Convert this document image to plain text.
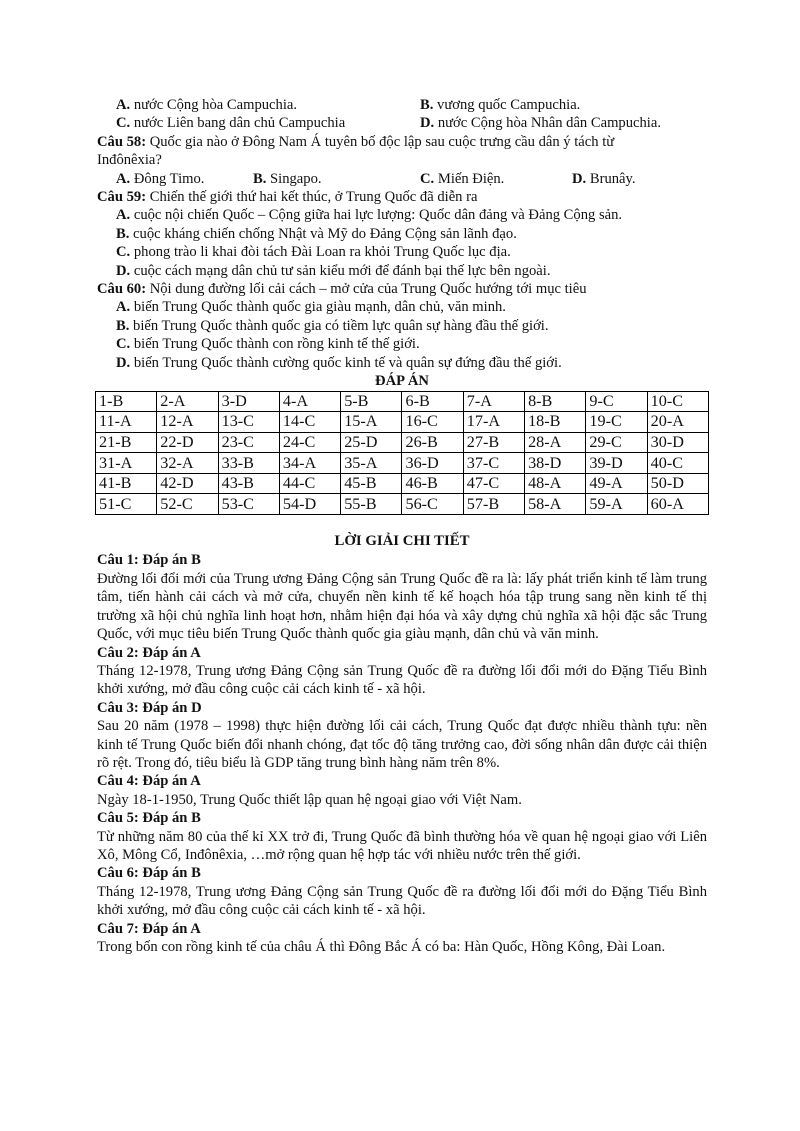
A. nước Cộng hòa Campuchia.	B. vương quốc Campuchia.
C. nước Liên bang dân chủ Campuchia	D. nước Cộng hòa Nhân dân Campuchia.
Câu 58: Quốc gia nào ở Đông Nam Á tuyên bố độc lập sau cuộc trưng cầu dân ý tách từ
Inđônêxia?
A. Đông Timo.	B. Singapo.	C. Miến Điện.	D. Brunây.
Câu 59: Chiến thế giới thứ hai kết thúc, ở Trung Quốc đã diễn ra
A. cuộc nội chiến Quốc – Cộng giữa hai lực lượng: Quốc dân đảng và Đảng Cộng sản.
B. cuộc kháng chiến chống Nhật và Mỹ do Đảng Cộng sản lãnh đạo.
C. phong trào li khai đòi tách Đài Loan ra khỏi Trung Quốc lục địa.
D. cuộc cách mạng dân chủ tư sản kiểu mới để đánh bại thế lực bên ngoài.
Câu 60: Nội dung đường lối cải cách – mở cửa của Trung Quốc hướng tới mục tiêu
A. biến Trung Quốc thành quốc gia giàu mạnh, dân chủ, văn minh.
B. biến Trung Quốc thành quốc gia có tiềm lực quân sự hàng đầu thế giới.
C. biến Trung Quốc thành con rồng kinh tế thế giới.
D. biến Trung Quốc thành cường quốc kinh tế và quân sự đứng đầu thế giới.
ĐÁP ÁN
1-B	2-A	3-D	4-A	5-B	6-B	7-A	8-B	9-C	10-C
11-A	12-A	13-C	14-C	15-A	16-C	17-A	18-B	19-C	20-A
21-B	22-D	23-C	24-C	25-D	26-B	27-B	28-A	29-C	30-D
31-A	32-A	33-B	34-A	35-A	36-D	37-C	38-D	39-D	40-C
41-B	42-D	43-B	44-C	45-B	46-B	47-C	48-A	49-A	50-D
51-C	52-C	53-C	54-D	55-B	56-C	57-B	58-A	59-A	60-A
LỜI GIẢI CHI TIẾT
Câu 1: Đáp án B
Đường lối đổi mới của Trung ương Đảng Cộng sản Trung Quốc đề ra là: lấy phát triển kinh tế làm trung tâm, tiến hành cải cách và mở cửa, chuyển nền kinh tế kế hoạch hóa tập trung sang nền kinh tế thị trường xã hội chủ nghĩa linh hoạt hơn, nhằm hiện đại hóa và xây dựng chủ nghĩa xã hội đặc sắc Trung Quốc, với mục tiêu biến Trung Quốc thành quốc gia giàu mạnh, dân chủ và văn minh.
Câu 2: Đáp án A
Tháng 12-1978, Trung ương Đảng Cộng sản Trung Quốc đề ra đường lối đổi mới do Đặng Tiểu Bình khởi xướng, mở đầu công cuộc cải cách kinh tế - xã hội.
Câu 3: Đáp án D
Sau 20 năm (1978 – 1998) thực hiện đường lối cải cách, Trung Quốc đạt được nhiều thành tựu: nền kinh tế Trung Quốc biến đổi nhanh chóng, đạt tốc độ tăng trưởng cao, đời sống nhân dân được cải thiện rõ rệt. Trong đó, tiêu biểu là GDP tăng trung bình hàng năm trên 8%.
Câu 4: Đáp án A
Ngày 18-1-1950, Trung Quốc thiết lập quan hệ ngoại giao với Việt Nam.
Câu 5: Đáp án B
Từ những năm 80 của thế kỉ XX trở đi, Trung Quốc đã bình thường hóa về quan hệ ngoại giao với Liên Xô, Mông Cổ, Inđônêxia, …mở rộng quan hệ hợp tác với nhiều nước trên thế giới.
Câu 6: Đáp án B
Tháng 12-1978, Trung ương Đảng Cộng sản Trung Quốc đề ra đường lối đổi mới do Đặng Tiểu Bình khởi xướng, mở đầu công cuộc cải cách kinh tế - xã hội.
Câu 7: Đáp án A
Trong bốn con rồng kinh tế của châu Á thì Đông Bắc Á có ba: Hàn Quốc, Hồng Kông, Đài Loan.
